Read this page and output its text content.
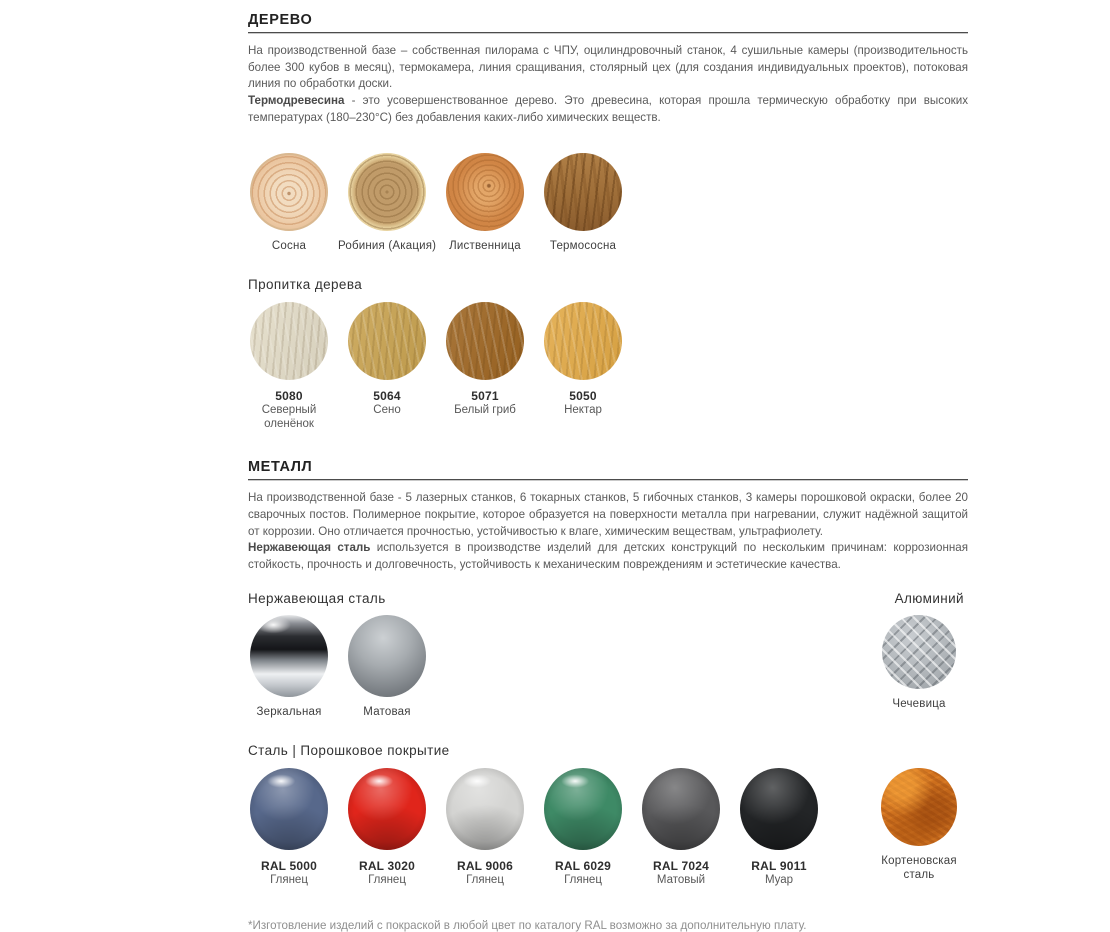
ДЕРЕВО

На производственной базе – собственная пилорама с ЧПУ, оцилиндровочный станок, 4 сушильные камеры (производительность более 300 кубов в месяц), термокамера, линия сращивания, столярный цех (для создания индивидуальных проектов), потоковая линия по обработки доски.

Термодревесина - это усовершенствованное дерево. Это древесина, которая прошла термическую обработку при высоких температурах (180–230°С) без добавления каких-либо химических веществ.

Сосна	Робиния (Акация)	Лиственница	Термососна
Пропитка дерева
5080
Северный оленёнок
5064
Сено
5071
Белый гриб
5050
Нектар
МЕТАЛЛ

На производственной базе - 5 лазерных станков, 6 токарных станков, 5 гибочных станков, 3 камеры порошковой окраски, более 20 сварочных постов. Полимерное покрытие, которое образуется на поверхности металла при нагревании, служит надёжной защитой от коррозии. Оно отличается прочностью, устойчивостью к влаге, химическим веществам, ультрафиолету.

Нержавеющая сталь используется в производстве изделий для детских конструкций по нескольким причинам: коррозионная стойкость, прочность и долговечность, устойчивость к механическим повреждениям и эстетические качества.

Нержавеющая сталь	Алюминий
Зеркальная	Матовая
Чечевица
Сталь | Порошковое покрытие
RAL 5000
Глянец
RAL 3020
Глянец
RAL 9006
Глянец
RAL 6029
Глянец
RAL 7024
Матовый
RAL 9011
Муар
Кортеновская сталь

*Изготовление изделий с покраской в любой цвет по каталогу RAL возможно за дополнительную плату.
